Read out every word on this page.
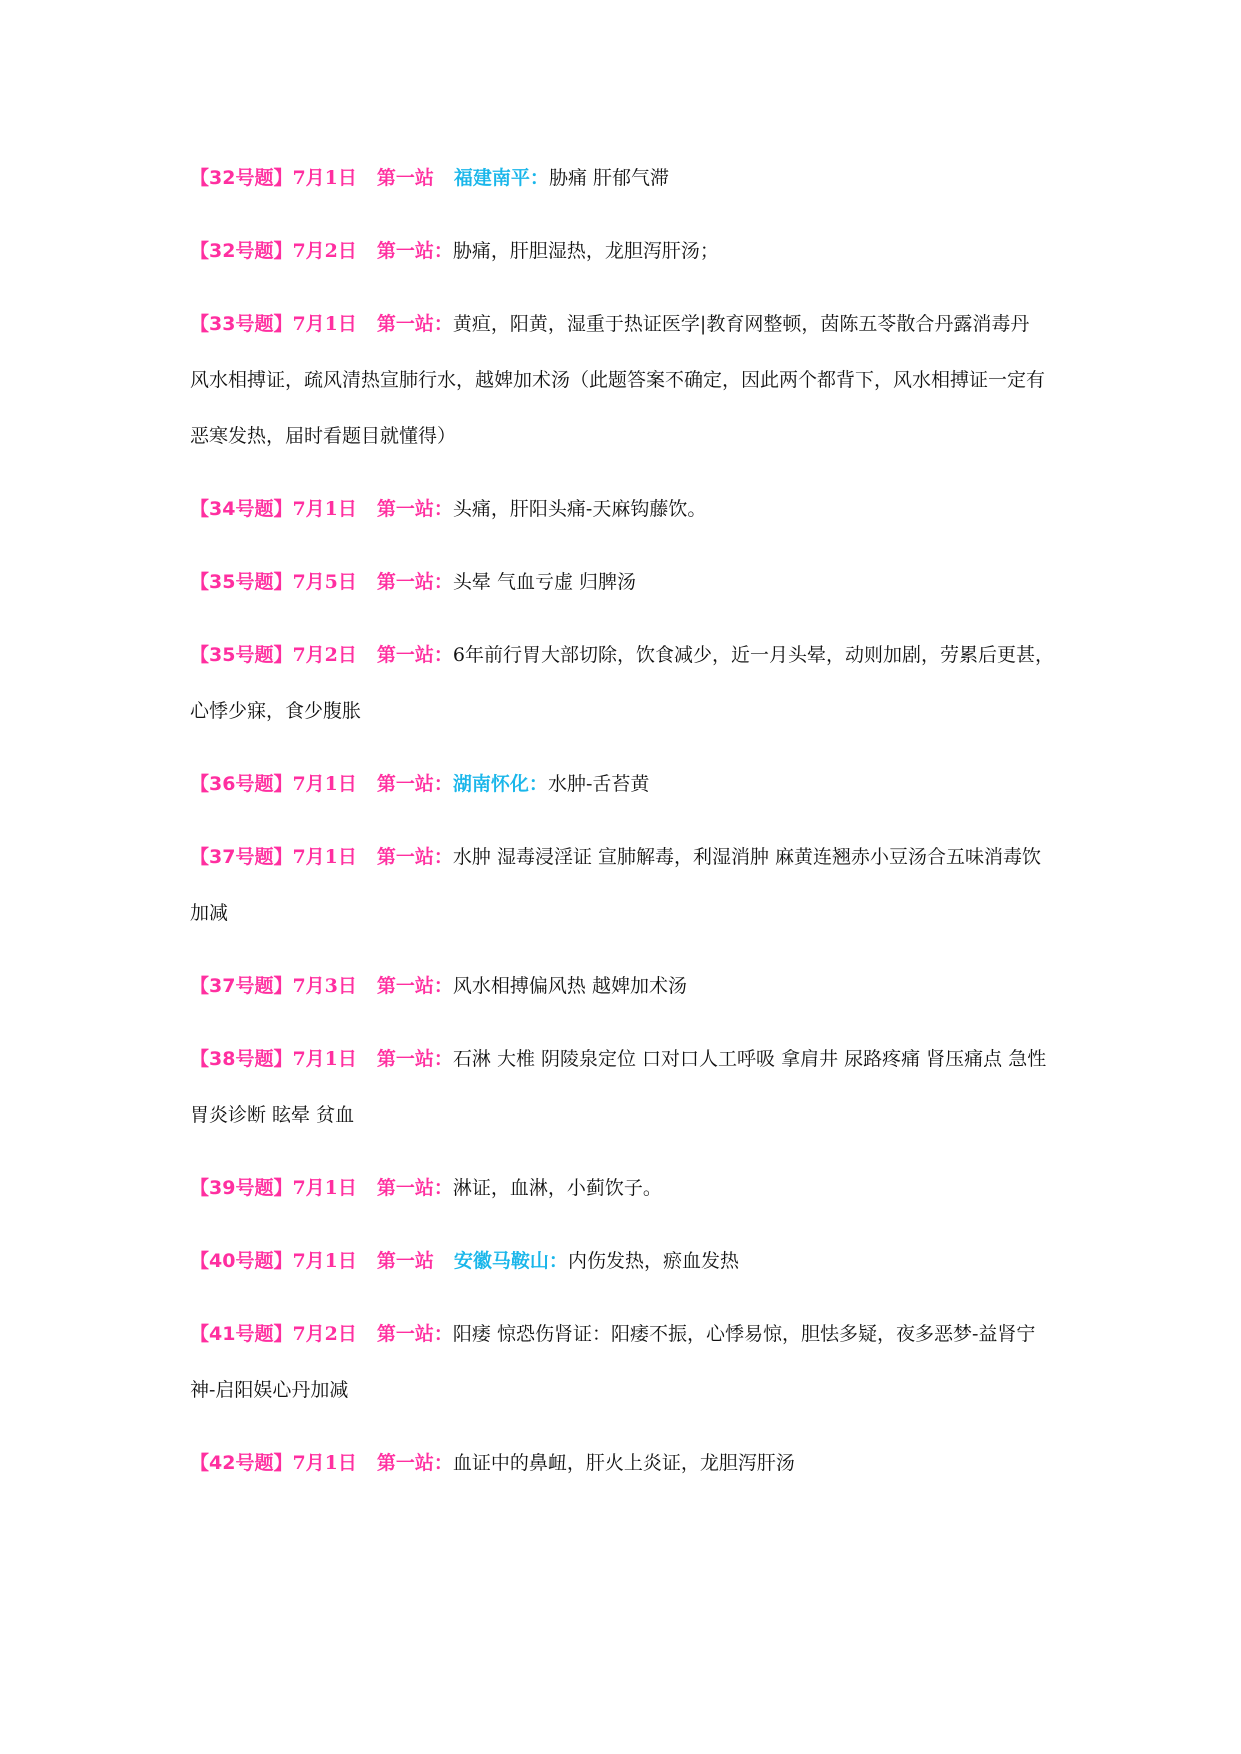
【32号题】7月1日 第一站 福建南平：胁痛 肝郁气滞
【32号题】7月2日 第一站：胁痛，肝胆湿热，龙胆泻肝汤；
【33号题】7月1日 第一站：黄疸，阳黄，湿重于热证医学|教育网整顿，茵陈五苓散合丹露消毒丹　风水相搏证，疏风清热宣肺行水，越婢加术汤（此题答案不确定，因此两个都背下，风水相搏证一定有恶寒发热，届时看题目就懂得）
【34号题】7月1日 第一站：头痛，肝阳头痛-天麻钩藤饮。
【35号题】7月5日 第一站：头晕 气血亏虚 归脾汤
【35号题】7月2日 第一站：6年前行胃大部切除，饮食减少，近一月头晕，动则加剧，劳累后更甚，心悸少寐，食少腹胀
【36号题】7月1日 第一站：湖南怀化：水肿-舌苔黄
【37号题】7月1日 第一站：水肿 湿毒浸淫证 宣肺解毒，利湿消肿 麻黄连翘赤小豆汤合五味消毒饮加减
【37号题】7月3日 第一站：风水相搏偏风热 越婢加术汤
【38号题】7月1日 第一站：石淋 大椎 阴陵泉定位 口对口人工呼吸 拿肩井 尿路疼痛 肾压痛点 急性胃炎诊断 眩晕 贫血
【39号题】7月1日 第一站：淋证，血淋，小蓟饮子。
【40号题】7月1日 第一站 安徽马鞍山：内伤发热，瘀血发热
【41号题】7月2日 第一站：阳痿 惊恐伤肾证：阳痿不振，心悸易惊，胆怯多疑，夜多恶梦-益肾宁神-启阳娱心丹加减
【42号题】7月1日 第一站：血证中的鼻衄，肝火上炎证，龙胆泻肝汤
